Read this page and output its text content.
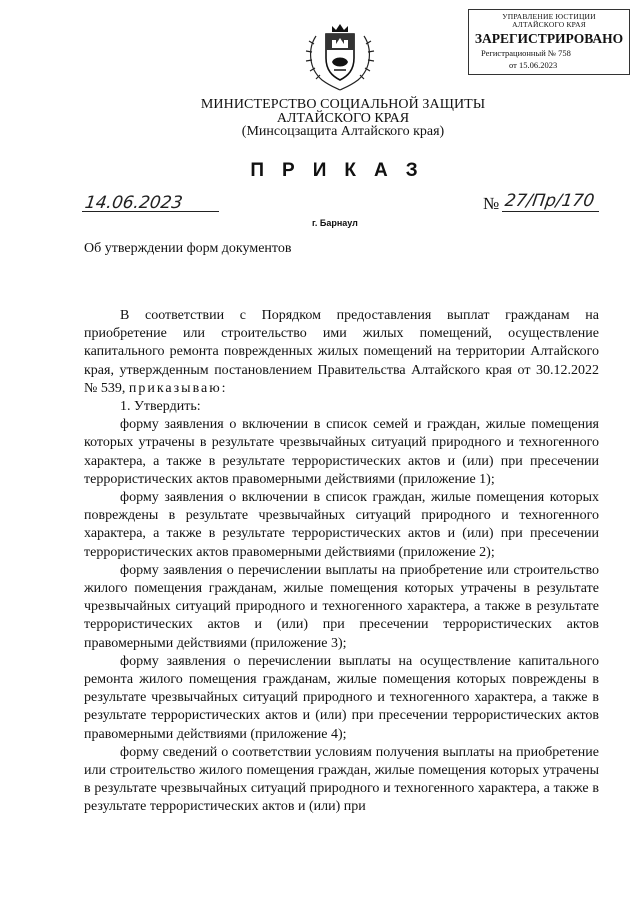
УПРАВЛЕНИЕ ЮСТИЦИИ
АЛТАЙСКОГО КРАЯ
ЗАРЕГИСТРИРОВАНО
Регистрационный № 758
от 15.06.2023
МИНИСТЕРСТВО СОЦИАЛЬНОЙ ЗАЩИТЫ
АЛТАЙСКОГО КРАЯ
(Минсоцзащита Алтайского края)
ПРИКАЗ
14.06.2023	№ 27/Пр/170
г. Барнаул
Об утверждении форм документов

В соответствии с Порядком предоставления выплат гражданам на приобретение или строительство ими жилых помещений, осуществление капитального ремонта поврежденных жилых помещений на территории Алтайского края, утвержденным постановлением Правительства Алтайского края от 30.12.2022 № 539, приказываю:

1. Утвердить:

форму заявления о включении в список семей и граждан, жилые помещения которых утрачены в результате чрезвычайных ситуаций природного и техногенного характера, а также в результате террористических актов и (или) при пресечении террористических актов правомерными действиями (приложение 1);

форму заявления о включении в список граждан, жилые помещения которых повреждены в результате чрезвычайных ситуаций природного и техногенного характера, а также в результате террористических актов и (или) при пресечении террористических актов правомерными действиями (приложение 2);

форму заявления о перечислении выплаты на приобретение или строительство жилого помещения гражданам, жилые помещения которых утрачены в результате чрезвычайных ситуаций природного и техногенного характера, а также в результате террористических актов и (или) при пресечении террористических актов правомерными действиями (приложение 3);

форму заявления о перечислении выплаты на осуществление капитального ремонта жилого помещения гражданам, жилые помещения которых повреждены в результате чрезвычайных ситуаций природного и техногенного характера, а также в результате террористических актов и (или) при пресечении террористических актов правомерными действиями (приложение 4);

форму сведений о соответствии условиям получения выплаты на приобретение или строительство жилого помещения граждан, жилые помещения которых утрачены в результате чрезвычайных ситуаций природного и техногенного характера, а также в результате террористических актов и (или) при
